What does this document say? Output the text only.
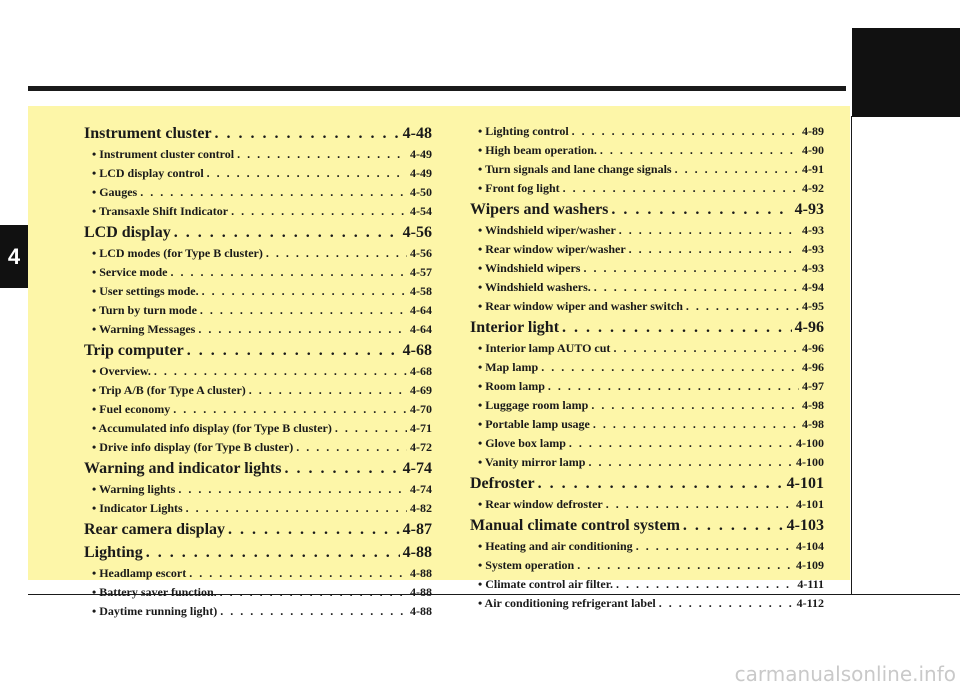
4
Instrument cluster . . .	4-48
• Instrument cluster control . . .	4-49
• LCD display control . . .	4-49
• Gauges . . .	4-50
• Transaxle Shift Indicator . . .	4-54
LCD display . . .	4-56
• LCD modes (for Type B cluster) . . .	4-56
• Service mode . . .	4-57
• User settings mode. . . .	4-58
• Turn by turn mode . . .	4-64
• Warning Messages . . .	4-64
Trip computer . . .	4-68
• Overview. . . .	4-68
• Trip A/B (for Type A cluster) . . .	4-69
• Fuel economy . . .	4-70
• Accumulated info display (for Type B cluster) . . .	4-71
• Drive info display (for Type B cluster) . . .	4-72
Warning and indicator lights . . .	4-74
• Warning lights . . .	4-74
• Indicator Lights . . .	4-82
Rear camera display . . .	4-87
Lighting . . .	4-88
• Headlamp escort . . .	4-88
• Battery saver function. . . .	4-88
• Daytime running light) . . .	4-88
• Lighting control . . .	4-89
• High beam operation. . . .	4-90
• Turn signals and lane change signals . . .	4-91
• Front fog light . . .	4-92
Wipers and washers . . .	4-93
• Windshield wiper/washer . . .	4-93
• Rear window wiper/washer . . .	4-93
• Windshield wipers . . .	4-93
• Windshield washers. . . .	4-94
• Rear window wiper and washer switch . . .	4-95
Interior light . . .	4-96
• Interior lamp AUTO cut . . .	4-96
• Map lamp . . .	4-96
• Room lamp . . .	4-97
• Luggage room lamp . . .	4-98
• Portable lamp usage . . .	4-98
• Glove box lamp . . .	4-100
• Vanity mirror lamp . . .	4-100
Defroster . . .	4-101
• Rear window defroster . . .	4-101
Manual climate control system . . .	4-103
• Heating and air conditioning . . .	4-104
• System operation . . .	4-109
• Climate control air filter. . . .	4-111
• Air conditioning refrigerant label . . .	4-112
carmanualsonline.info
